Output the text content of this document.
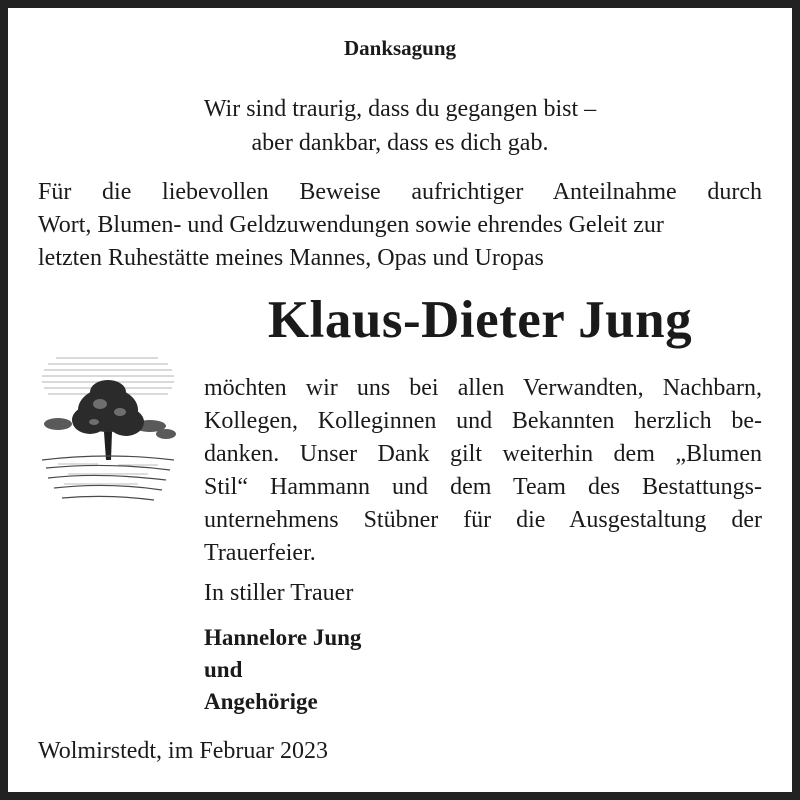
Danksagung
Wir sind traurig, dass du gegangen bist –
aber dankbar, dass es dich gab.
Für die liebevollen Beweise aufrichtiger Anteilnahme durch
Wort, Blumen- und Geldzuwendungen sowie ehrendes Geleit zur
letzten Ruhestätte meines Mannes, Opas und Uropas
Klaus-Dieter Jung
möchten wir uns bei allen Verwandten, Nachbarn,
Kollegen, Kolleginnen und Bekannten herzlich be-
danken. Unser Dank gilt weiterhin dem „Blumen
Stil“ Hammann und dem Team des Bestattungs-
unternehmens Stübner für die Ausgestaltung der
Trauerfeier.
In stiller Trauer
Hannelore Jung
und
Angehörige
Wolmirstedt, im Februar 2023
